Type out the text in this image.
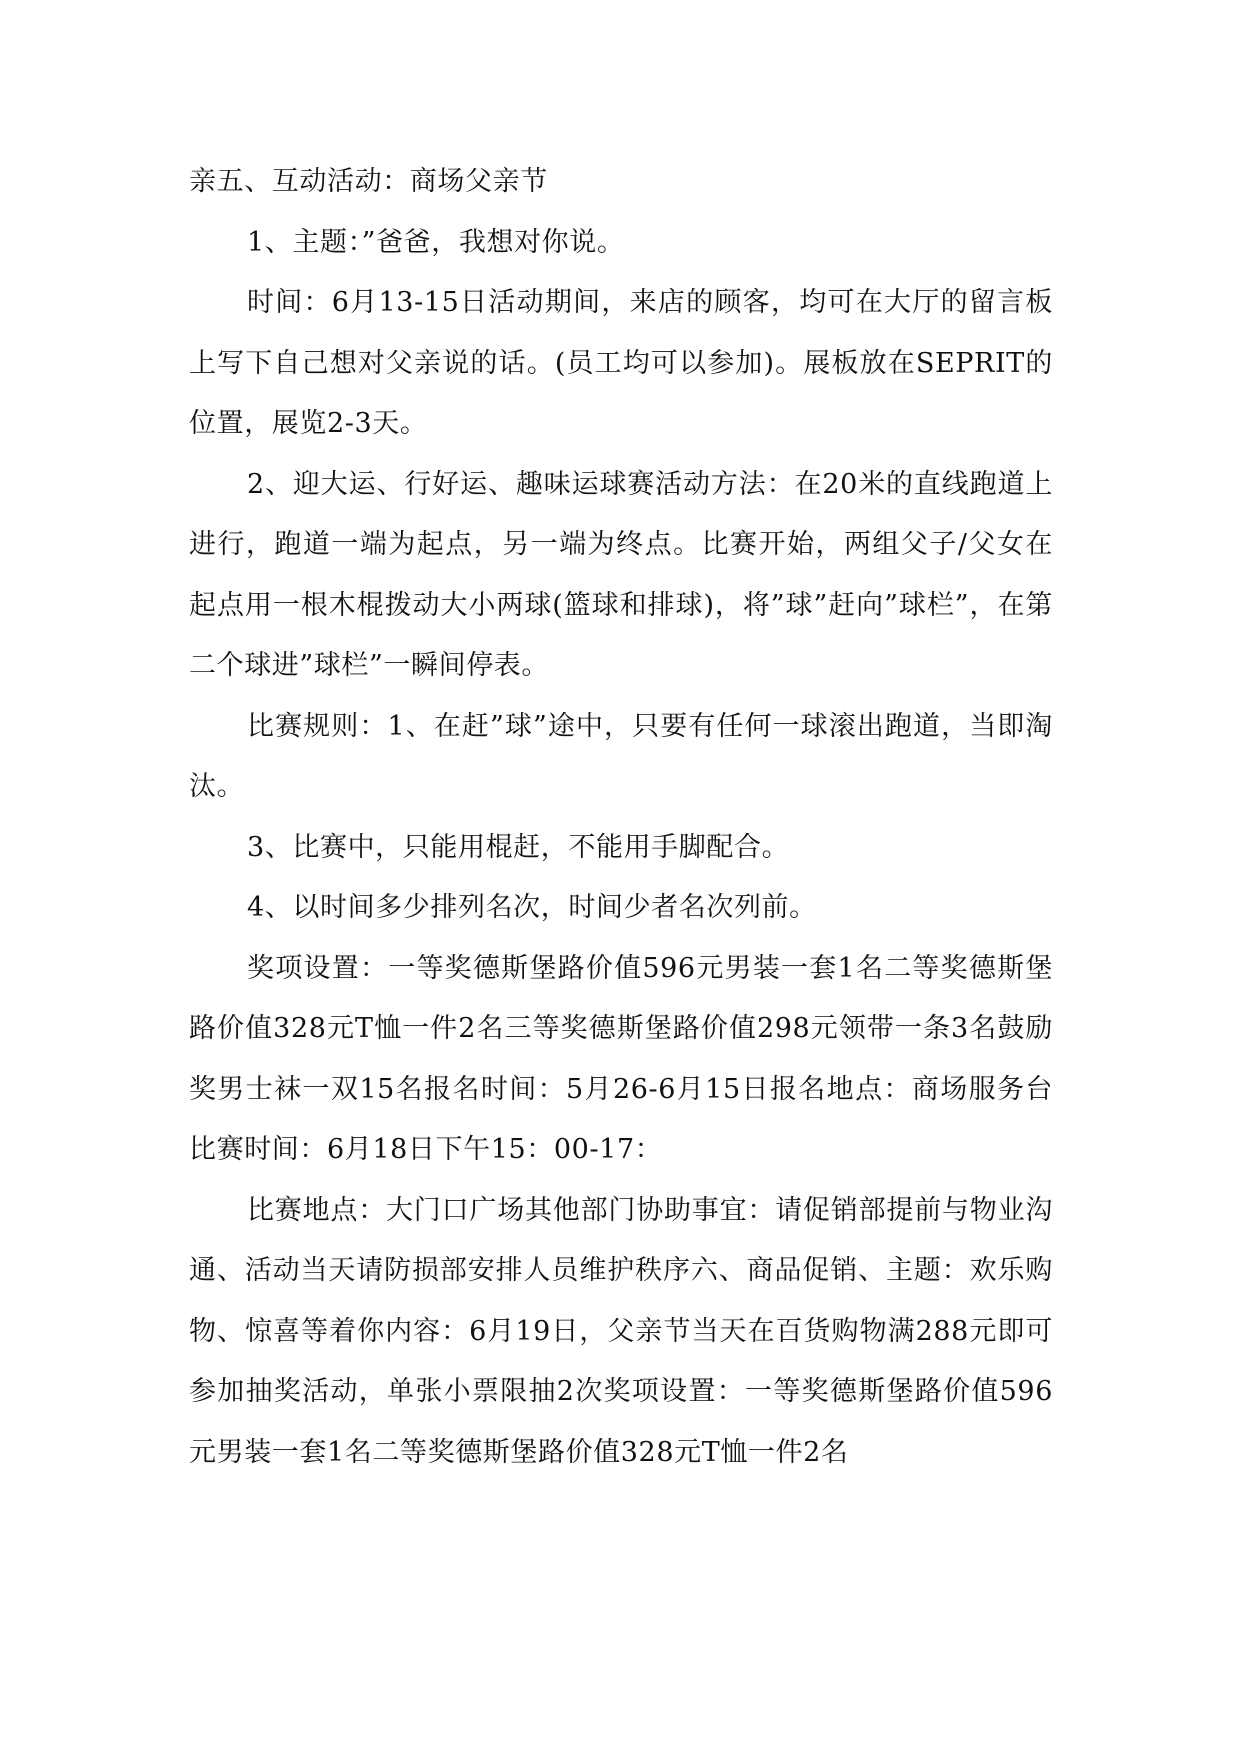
亲五、互动活动：商场父亲节

1、主题：”爸爸，我想对你说。

时间：6月13-15日活动期间，来店的顾客，均可在大厅的留言板上写下自己想对父亲说的话。(员工均可以参加)。展板放在SEPRIT的位置，展览2-3天。

2、迎大运、行好运、趣味运球赛活动方法：在20米的直线跑道上进行，跑道一端为起点，另一端为终点。比赛开始，两组父子/父女在起点用一根木棍拨动大小两球(篮球和排球)，将”球”赶向”球栏”，在第二个球进”球栏”一瞬间停表。

比赛规则：1、在赶”球”途中，只要有任何一球滚出跑道，当即淘汰。

3、比赛中，只能用棍赶，不能用手脚配合。

4、以时间多少排列名次，时间少者名次列前。

奖项设置：一等奖德斯堡路价值596元男装一套1名二等奖德斯堡路价值328元T恤一件2名三等奖德斯堡路价值298元领带一条3名鼓励奖男士袜一双15名报名时间：5月26-6月15日报名地点：商场服务台比赛时间：6月18日下午15：00-17：

比赛地点：大门口广场其他部门协助事宜：请促销部提前与物业沟通、活动当天请防损部安排人员维护秩序六、商品促销、主题：欢乐购物、惊喜等着你内容：6月19日，父亲节当天在百货购物满288元即可参加抽奖活动，单张小票限抽2次奖项设置：一等奖德斯堡路价值596元男装一套1名二等奖德斯堡路价值328元T恤一件2名
